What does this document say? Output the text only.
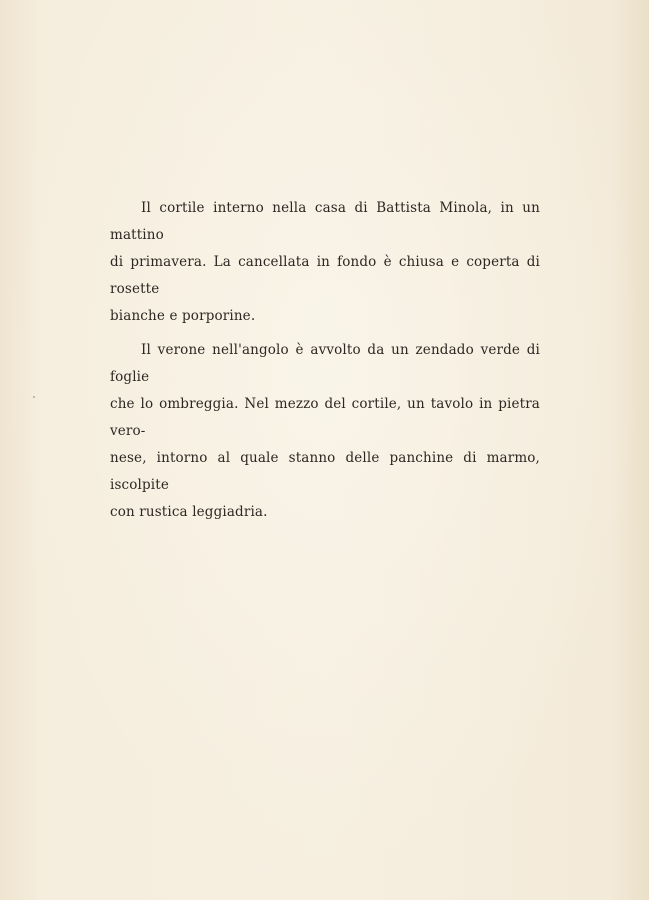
Il cortile interno nella casa di Battista Minola, in un mattino
di primavera. La cancellata in fondo è chiusa e coperta di rosette
bianche e porporine.

Il verone nell'angolo è avvolto da un zendado verde di foglie
che lo ombreggia. Nel mezzo del cortile, un tavolo in pietra vero-
nese, intorno al quale stanno delle panchine di marmo, iscolpite
con rustica leggiadria.
